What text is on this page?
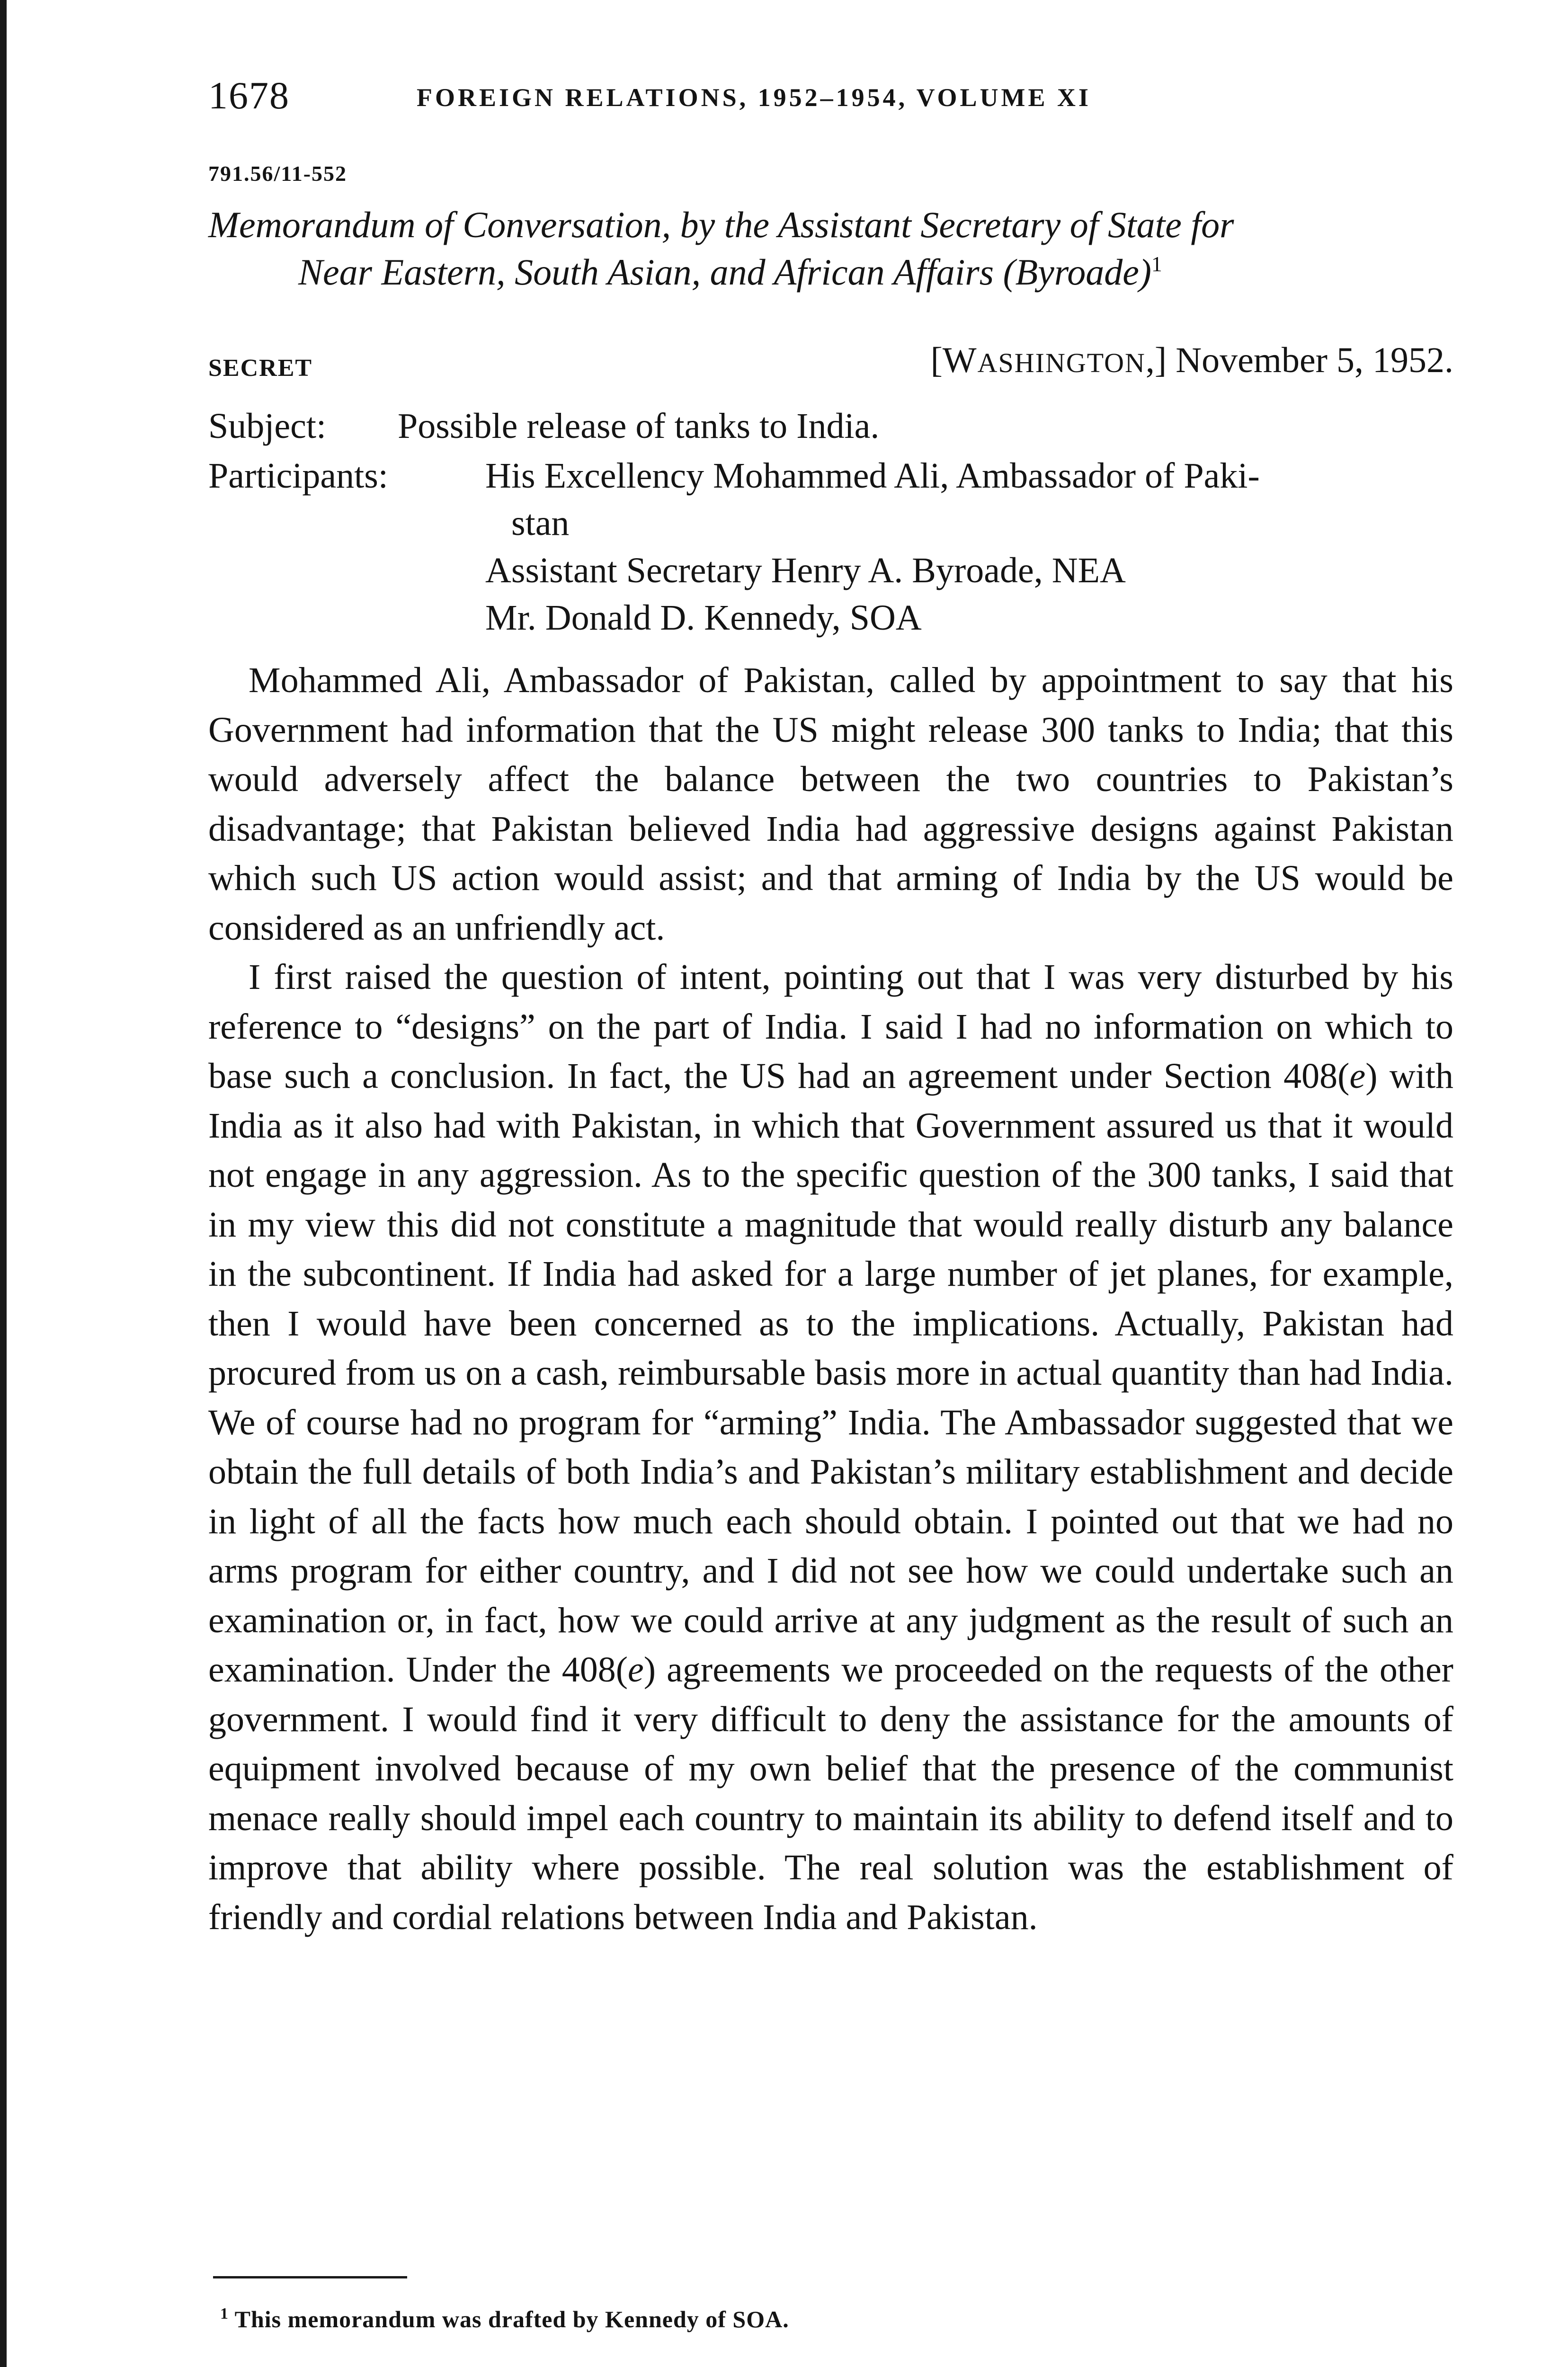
1678	FOREIGN RELATIONS, 1952–1954, VOLUME XI
791.56/11-552
Memorandum of Conversation, by the Assistant Secretary of State for
Near Eastern, South Asian, and African Affairs (Byroade)$^1$
SECRET	[WASHINGTON,] November 5, 1952.
Subject: Possible release of tanks to India.
Participants:	His Excellency Mohammed Ali, Ambassador of Paki-
stan
Assistant Secretary Henry A. Byroade, NEA
Mr. Donald D. Kennedy, SOA

Mohammed Ali, Ambassador of Pakistan, called by appointment to say that his Government had information that the US might release 300 tanks to India; that this would adversely affect the balance between the two countries to Pakistan’s disadvantage; that Pakistan believed India had aggressive designs against Pakistan which such US action would assist; and that arming of India by the US would be considered as an unfriendly act.

I first raised the question of intent, pointing out that I was very disturbed by his reference to “designs” on the part of India. I said I had no information on which to base such a conclusion. In fact, the US had an agreement under Section 408(e) with India as it also had with Pakistan, in which that Government assured us that it would not engage in any aggression. As to the specific question of the 300 tanks, I said that in my view this did not constitute a magnitude that would really disturb any balance in the subcontinent. If India had asked for a large number of jet planes, for example, then I would have been concerned as to the implications. Actually, Pakistan had procured from us on a cash, reimbursable basis more in actual quantity than had India. We of course had no program for “arming” India. The Ambassador suggested that we obtain the full details of both India’s and Pakistan’s military establishment and decide in light of all the facts how much each should obtain. I pointed out that we had no arms program for either country, and I did not see how we could undertake such an examination or, in fact, how we could arrive at any judgment as the result of such an examination. Under the 408(e) agreements we proceeded on the requests of the other government. I would find it very difficult to deny the assistance for the amounts of equipment involved because of my own belief that the presence of the communist menace really should impel each country to maintain its ability to defend itself and to improve that ability where possible. The real solution was the establishment of friendly and cordial relations between India and Pakistan.

$^1$ This memorandum was drafted by Kennedy of SOA.
